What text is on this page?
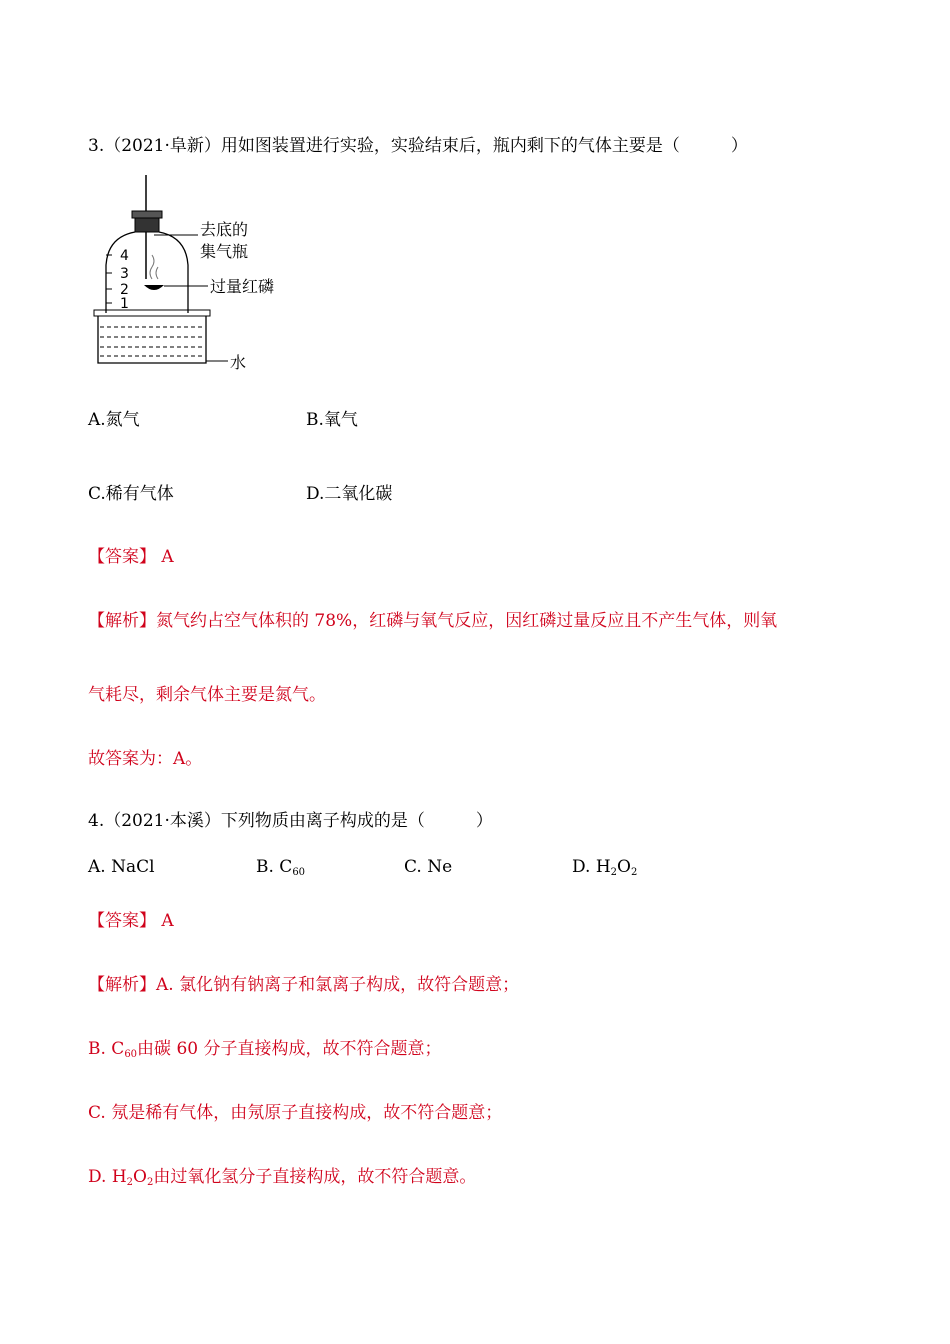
3.（2021·阜新）用如图装置进行实验，实验结束后，瓶内剩下的气体主要是（　　　）
4
3
2
1
去底的
集气瓶
过量红磷
水
A.氮气	B.氧气
C.稀有气体	D.二氧化碳
【答案】 A
【解析】氮气约占空气体积的 78%，红磷与氧气反应，因红磷过量反应且不产生气体，则氧
气耗尽，剩余气体主要是氮气。
故答案为：A。
4.（2021·本溪）下列物质由离子构成的是（　　　）
A. NaCl	B. $C_{60}$	C. Ne	D. $H_2O_2$
【答案】 A
【解析】A. 氯化钠有钠离子和氯离子构成，故符合题意；
B. $C_{60}$由碳 60 分子直接构成，故不符合题意；
C. 氖是稀有气体，由氖原子直接构成，故不符合题意；
D. $H_2O_2$由过氧化氢分子直接构成，故不符合题意。
